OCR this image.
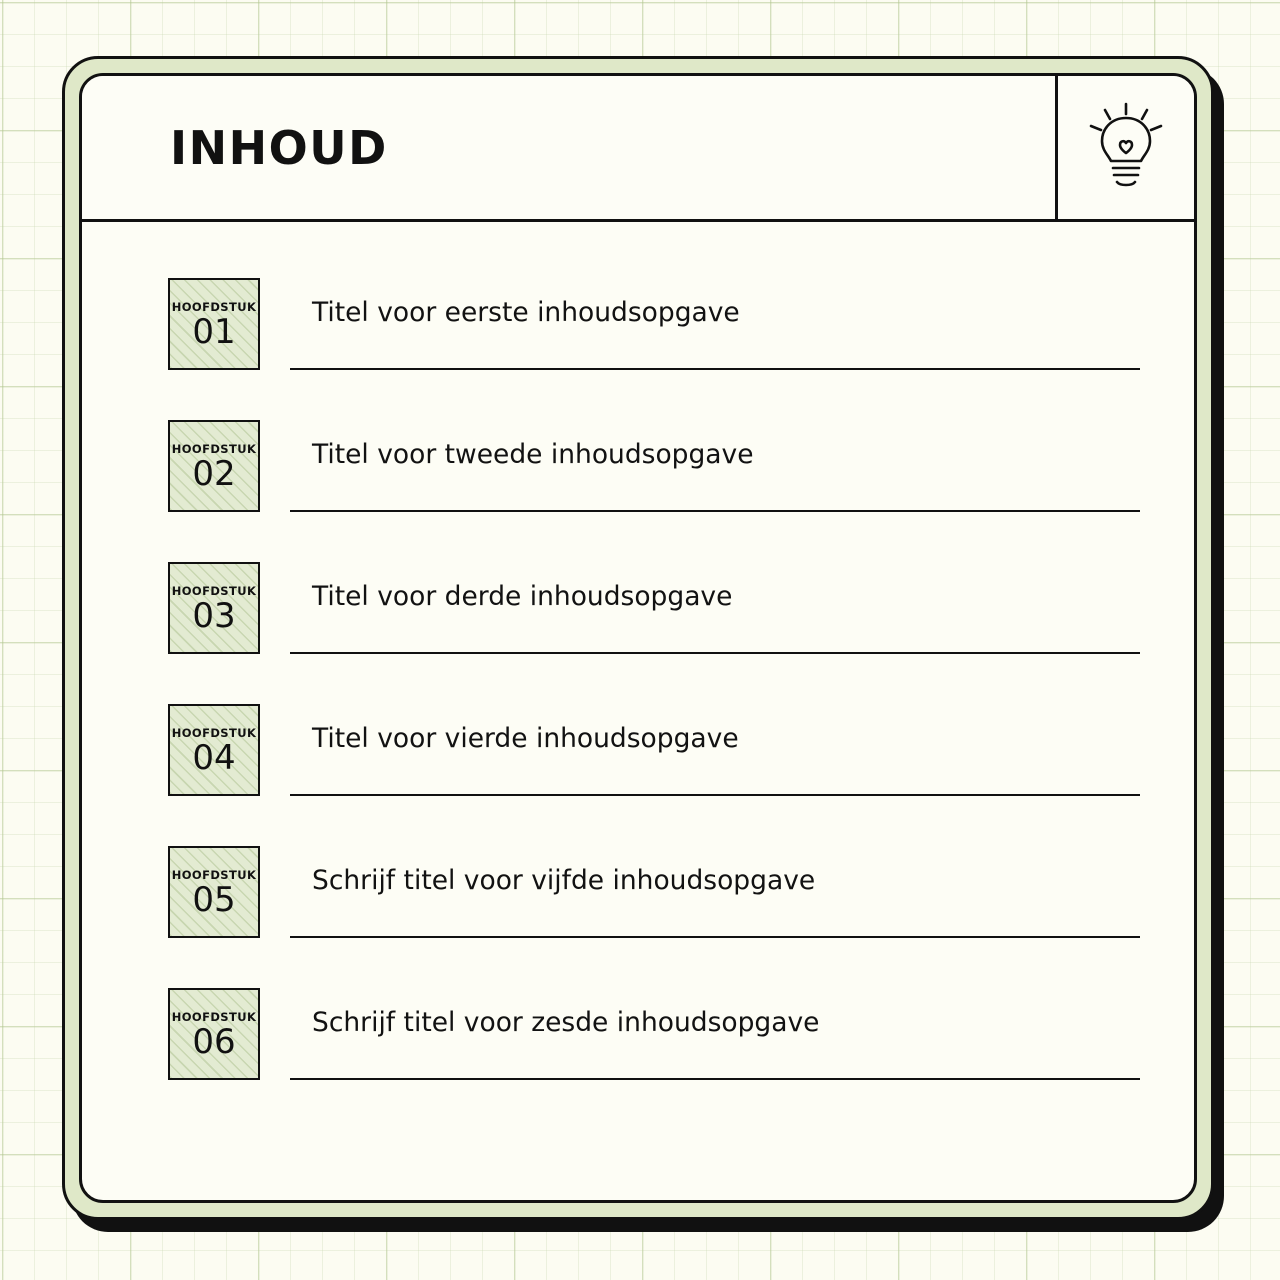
INHOUD
HOOFDSTUK
01	Titel voor eerste inhoudsopgave
HOOFDSTUK
02	Titel voor tweede inhoudsopgave
HOOFDSTUK
03	Titel voor derde inhoudsopgave
HOOFDSTUK
04	Titel voor vierde inhoudsopgave
HOOFDSTUK
05	Schrijf titel voor vijfde inhoudsopgave
HOOFDSTUK
06	Schrijf titel voor zesde inhoudsopgave
